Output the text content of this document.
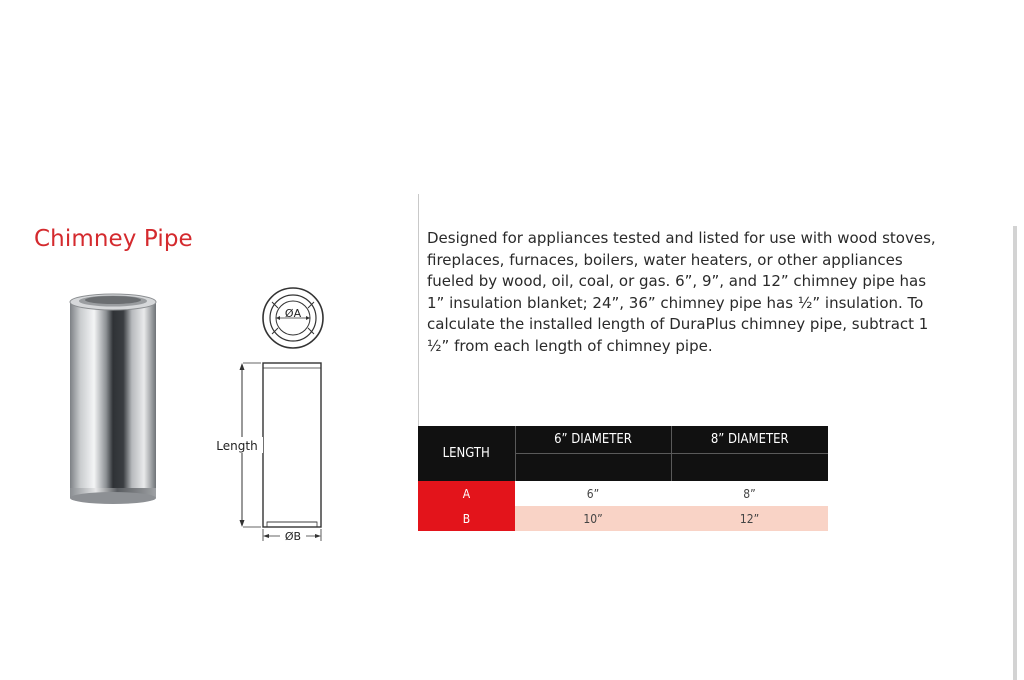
Chimney Pipe
ØA
Length
ØB

Designed for appliances tested and listed for use with wood stoves,
fireplaces, furnaces, boilers, water heaters, or other appliances
fueled by wood, oil, coal, or gas. 6”, 9”, and 12” chimney pipe has
1” insulation blanket; 24”, 36” chimney pipe has ½” insulation. To
calculate the installed length of DuraPlus chimney pipe, subtract 1
½” from each length of chimney pipe.

LENGTH	6” DIAMETER	8” DIAMETER

A	6”	8”
B	10”	12”
